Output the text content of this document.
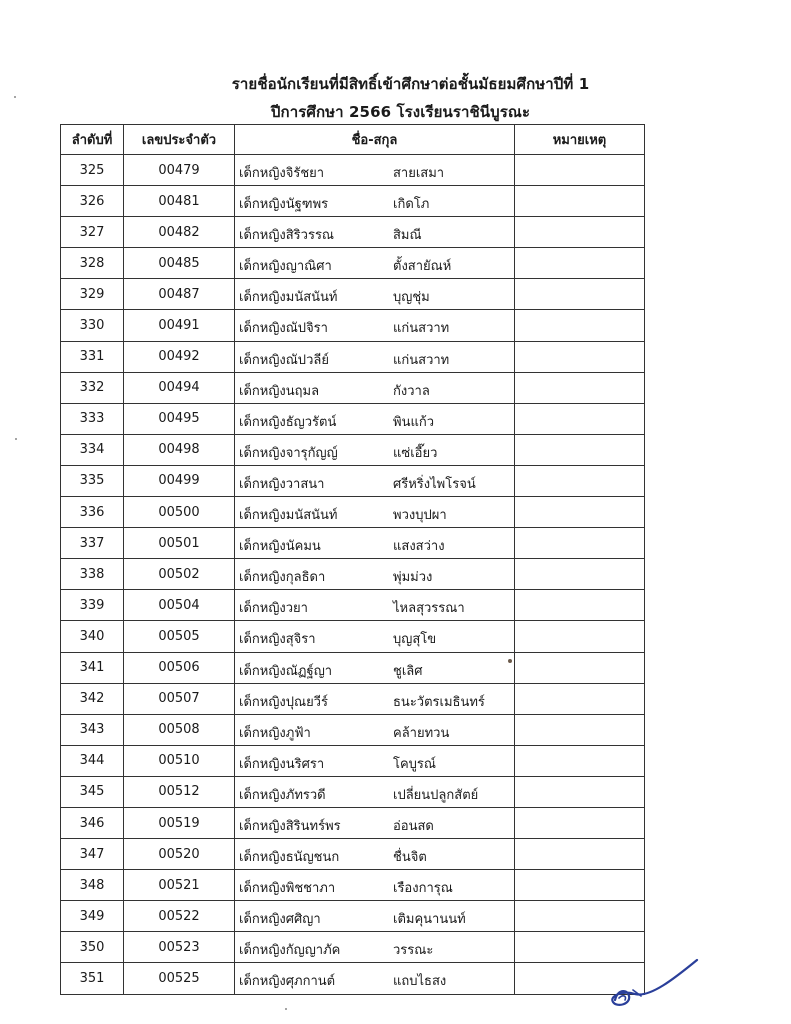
รายชื่อนักเรียนที่มีสิทธิ์เข้าศึกษาต่อชั้นมัธยมศึกษาปีที่ 1
ปีการศึกษา 2566 โรงเรียนราชินีบูรณะ
ลำดับที่	เลขประจำตัว	ชื่อ-สกุล	หมายเหตุ
325	00479	เด็กหญิงจิรัชยา สายเสมา	

326	00481	เด็กหญิงนัฐฑพร เกิดโภ	

327	00482	เด็กหญิงสิริวรรณ สิมณี	

328	00485	เด็กหญิงญาณิศา ตั้งสายัณห์	

329	00487	เด็กหญิงมนัสนันท์ บุญชุ่ม	

330	00491	เด็กหญิงณัปจิรา แก่นสวาท	

331	00492	เด็กหญิงณัปวลีย์ แก่นสวาท	

332	00494	เด็กหญิงนฤมล กังวาล	

333	00495	เด็กหญิงธัญวรัตน์ พินแก้ว	

334	00498	เด็กหญิงจารุกัญญ์ แซ่เอี๊ยว	

335	00499	เด็กหญิงวาสนา ศรีหริ่งไพโรจน์	

336	00500	เด็กหญิงมนัสนันท์ พวงบุปผา	

337	00501	เด็กหญิงนัคมน แสงสว่าง	

338	00502	เด็กหญิงกุลธิดา พุ่มม่วง	

339	00504	เด็กหญิงวยา ไหลสุวรรณา	

340	00505	เด็กหญิงสุจิรา บุญสุโข	

341	00506	เด็กหญิงณัฏฐ์ญา ชูเลิศ	

342	00507	เด็กหญิงปุณยวีร์ ธนะวัตรเมธินทร์	

343	00508	เด็กหญิงภูฟ้า คล้ายทวน	

344	00510	เด็กหญิงนริศรา โคบูรณ์	

345	00512	เด็กหญิงภัทรวดี เปลี่ยนปลูกสัตย์	

346	00519	เด็กหญิงสิรินทร์พร อ่อนสด	

347	00520	เด็กหญิงธนัญชนก ชื่นจิต	

348	00521	เด็กหญิงพิชชาภา เรืองการุณ	

349	00522	เด็กหญิงศศิญา เติมคุนานนท์	

350	00523	เด็กหญิงกัญญาภัค วรรณะ	

351	00525	เด็กหญิงศุภกานต์ แถบไธสง	
